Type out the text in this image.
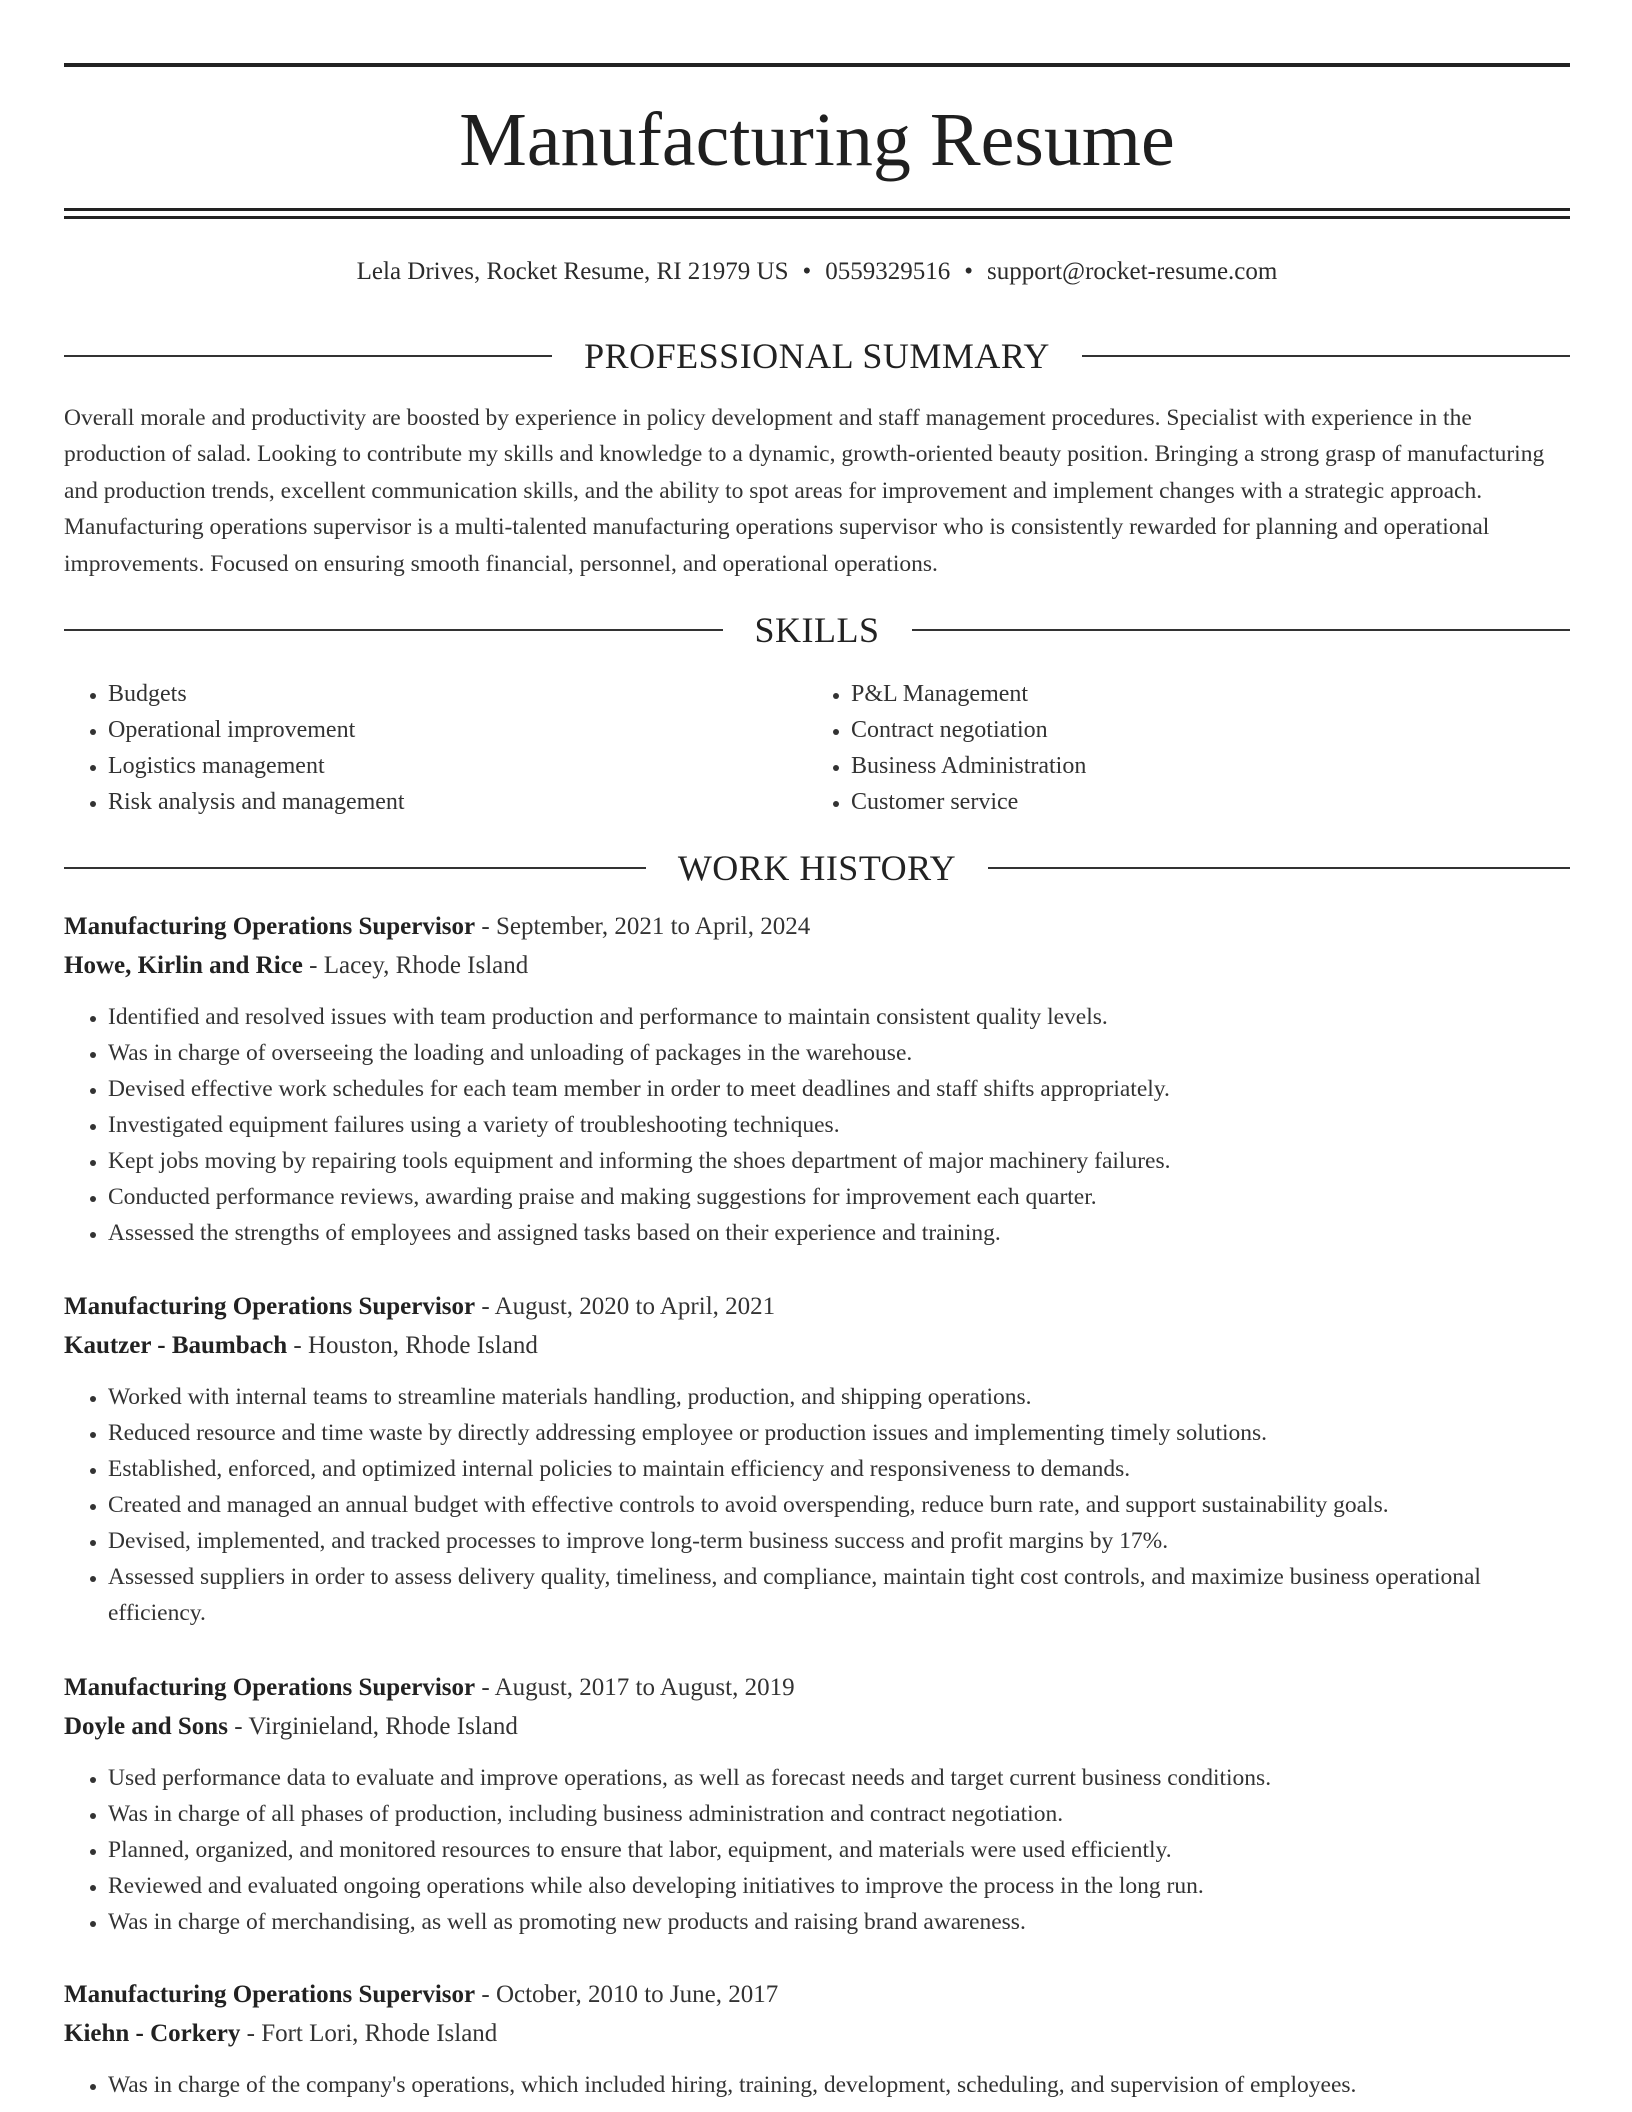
Manufacturing Resume
Lela Drives, Rocket Resume, RI 21979 US • 0559329516 • support@rocket-resume.com
PROFESSIONAL SUMMARY

Overall morale and productivity are boosted by experience in policy development and staff management procedures. Specialist with experience in the production of salad. Looking to contribute my skills and knowledge to a dynamic, growth-oriented beauty position. Bringing a strong grasp of manufacturing and production trends, excellent communication skills, and the ability to spot areas for improvement and implement changes with a strategic approach. Manufacturing operations supervisor is a multi-talented manufacturing operations supervisor who is consistently rewarded for planning and operational improvements. Focused on ensuring smooth financial, personnel, and operational operations.

SKILLS
• Budgets
• Operational improvement
• Logistics management
• Risk analysis and management
• P&L Management
• Contract negotiation
• Business Administration
• Customer service
WORK HISTORY
Manufacturing Operations Supervisor - September, 2021 to April, 2024
Howe, Kirlin and Rice - Lacey, Rhode Island
• Identified and resolved issues with team production and performance to maintain consistent quality levels.
• Was in charge of overseeing the loading and unloading of packages in the warehouse.
• Devised effective work schedules for each team member in order to meet deadlines and staff shifts appropriately.
• Investigated equipment failures using a variety of troubleshooting techniques.
• Kept jobs moving by repairing tools equipment and informing the shoes department of major machinery failures.
• Conducted performance reviews, awarding praise and making suggestions for improvement each quarter.
• Assessed the strengths of employees and assigned tasks based on their experience and training.
Manufacturing Operations Supervisor - August, 2020 to April, 2021
Kautzer - Baumbach - Houston, Rhode Island
• Worked with internal teams to streamline materials handling, production, and shipping operations.
• Reduced resource and time waste by directly addressing employee or production issues and implementing timely solutions.
• Established, enforced, and optimized internal policies to maintain efficiency and responsiveness to demands.
• Created and managed an annual budget with effective controls to avoid overspending, reduce burn rate, and support sustainability goals.
• Devised, implemented, and tracked processes to improve long-term business success and profit margins by 17%.
• Assessed suppliers in order to assess delivery quality, timeliness, and compliance, maintain tight cost controls, and maximize business operational efficiency.
Manufacturing Operations Supervisor - August, 2017 to August, 2019
Doyle and Sons - Virginieland, Rhode Island
• Used performance data to evaluate and improve operations, as well as forecast needs and target current business conditions.
• Was in charge of all phases of production, including business administration and contract negotiation.
• Planned, organized, and monitored resources to ensure that labor, equipment, and materials were used efficiently.
• Reviewed and evaluated ongoing operations while also developing initiatives to improve the process in the long run.
• Was in charge of merchandising, as well as promoting new products and raising brand awareness.
Manufacturing Operations Supervisor - October, 2010 to June, 2017
Kiehn - Corkery - Fort Lori, Rhode Island
• Was in charge of the company's operations, which included hiring, training, development, scheduling, and supervision of employees.
